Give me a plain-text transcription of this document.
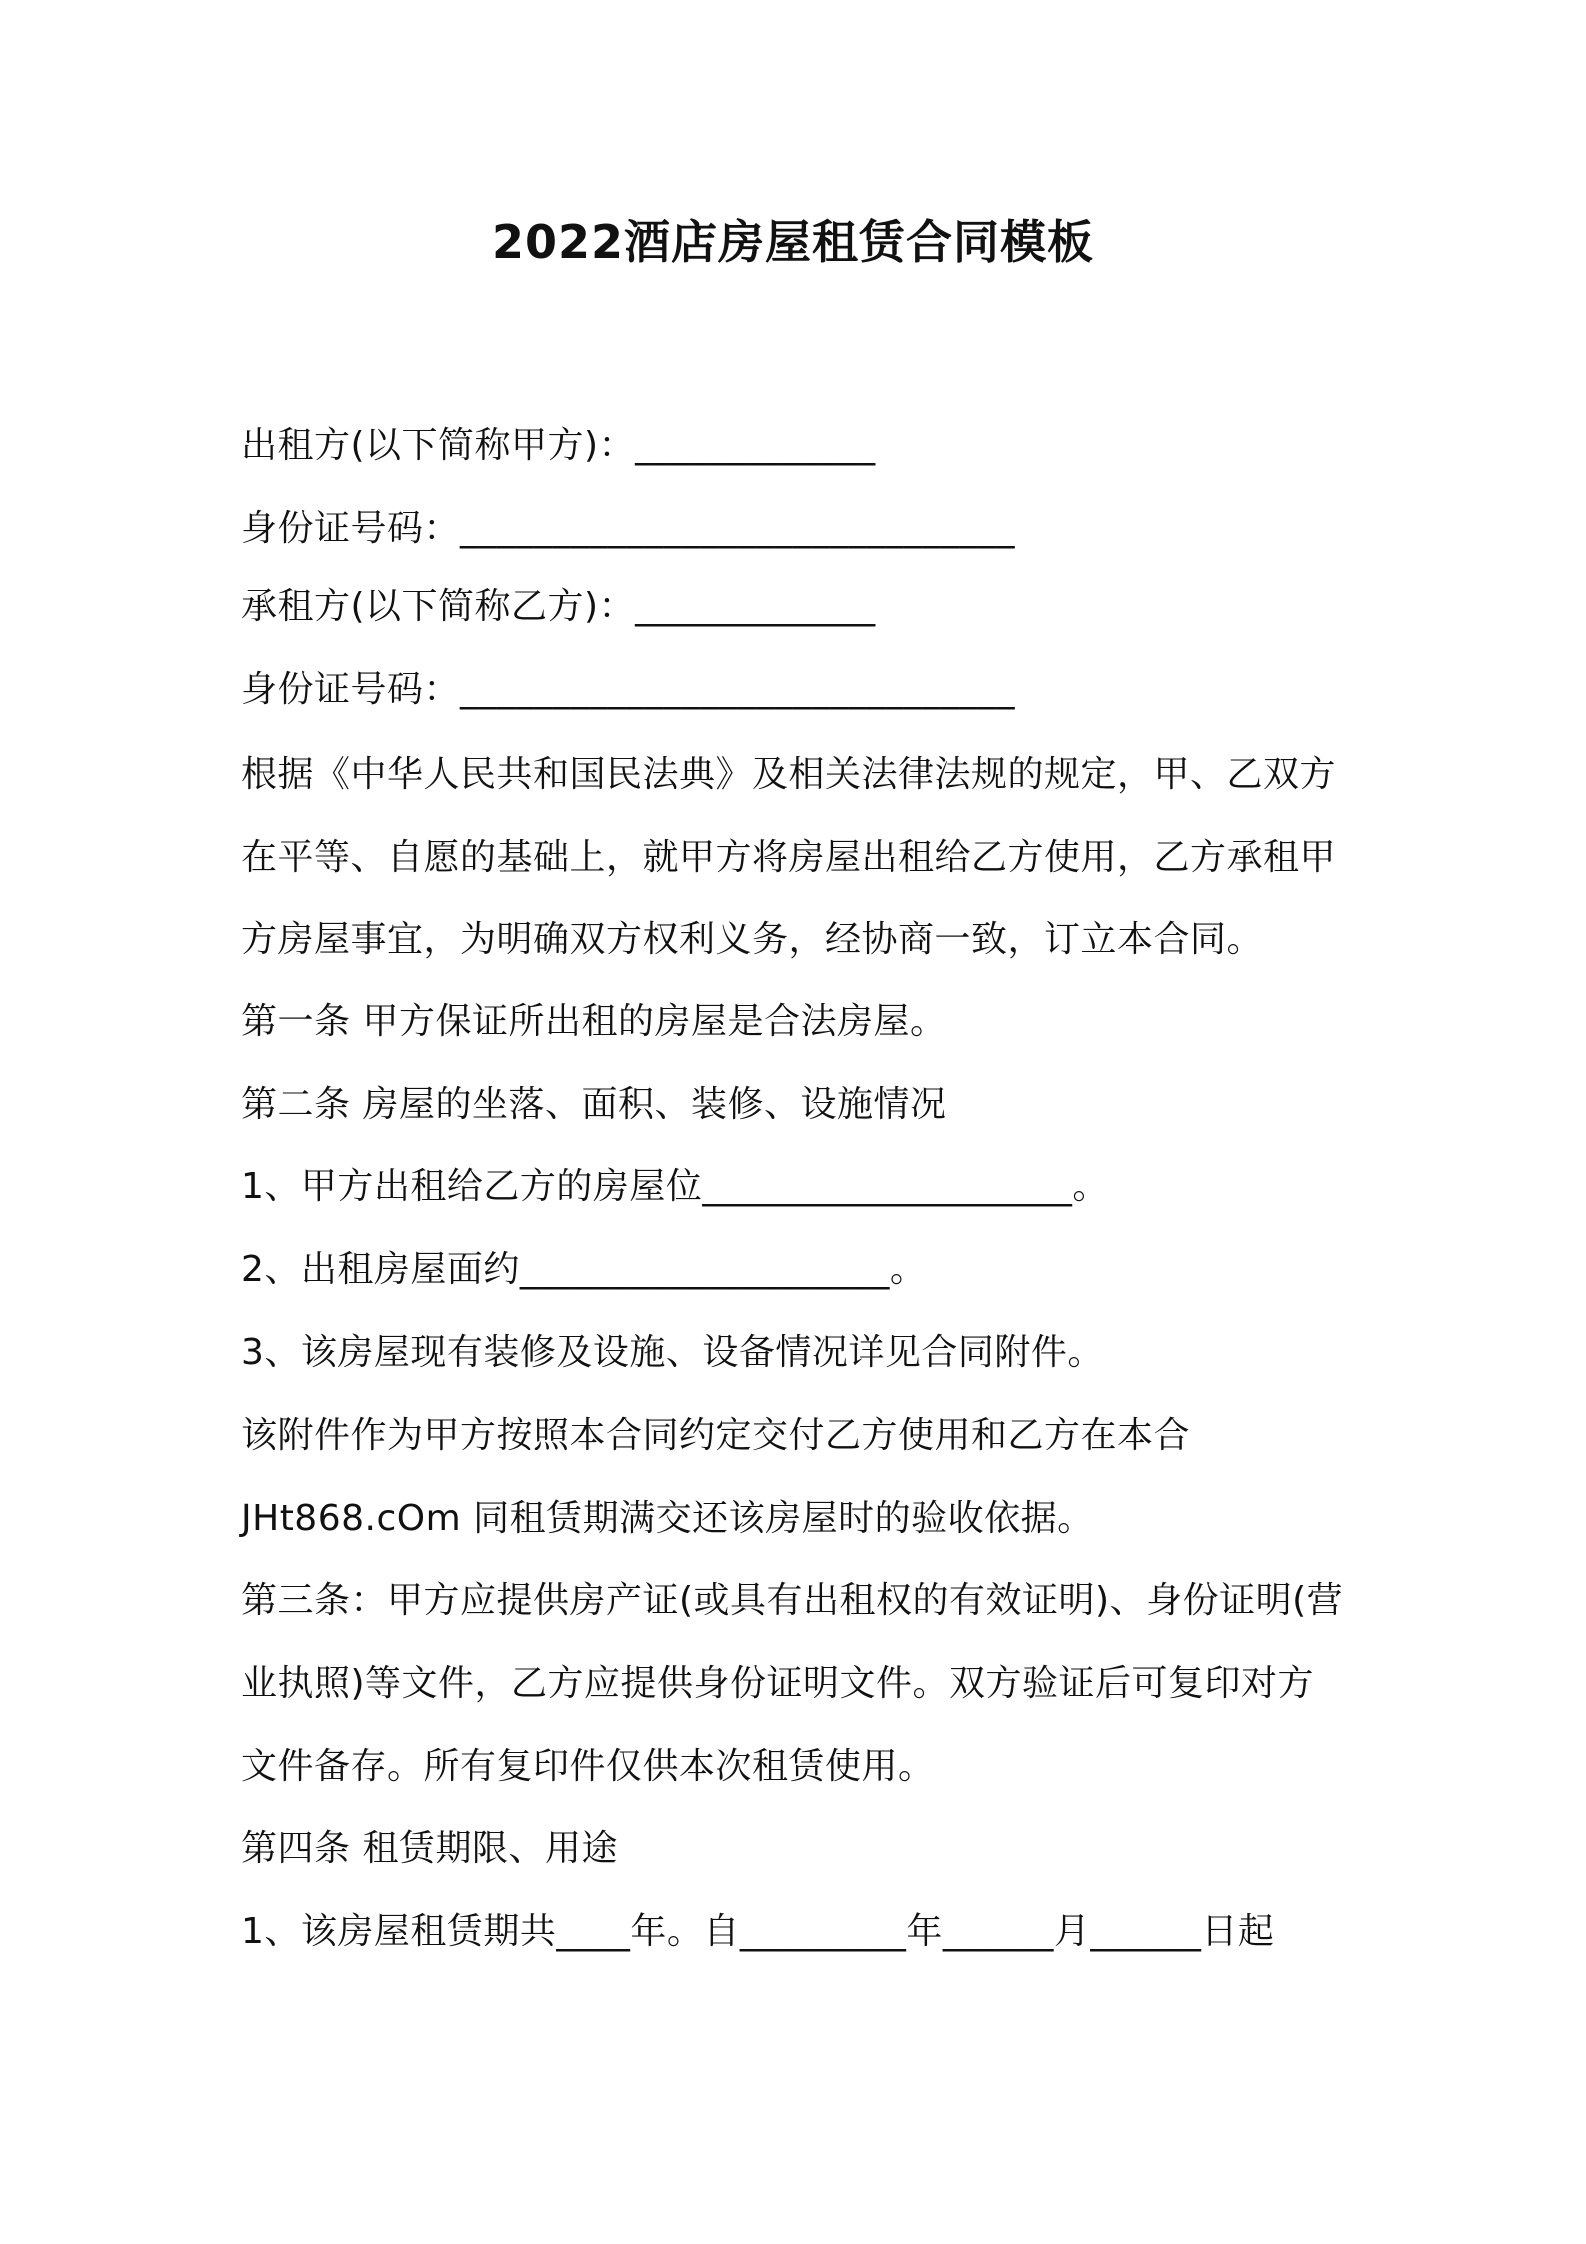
2022酒店房屋租赁合同模板
出租方(以下简称甲方)：_____________
身份证号码：______________________________
承租方(以下简称乙方)：_____________
身份证号码：______________________________
根据《中华人民共和国民法典》及相关法律法规的规定，甲、乙双方
在平等、自愿的基础上，就甲方将房屋出租给乙方使用，乙方承租甲
方房屋事宜，为明确双方权利义务，经协商一致，订立本合同。
第一条 甲方保证所出租的房屋是合法房屋。
第二条 房屋的坐落、面积、装修、设施情况
1、甲方出租给乙方的房屋位____________________。
2、出租房屋面约____________________。
3、该房屋现有装修及设施、设备情况详见合同附件。
该附件作为甲方按照本合同约定交付乙方使用和乙方在本合
JHt868.cOm 同租赁期满交还该房屋时的验收依据。
第三条：甲方应提供房产证(或具有出租权的有效证明)、身份证明(营
业执照)等文件，乙方应提供身份证明文件。双方验证后可复印对方
文件备存。所有复印件仅供本次租赁使用。
第四条 租赁期限、用途
1、该房屋租赁期共____年。自_________年______月______日起
